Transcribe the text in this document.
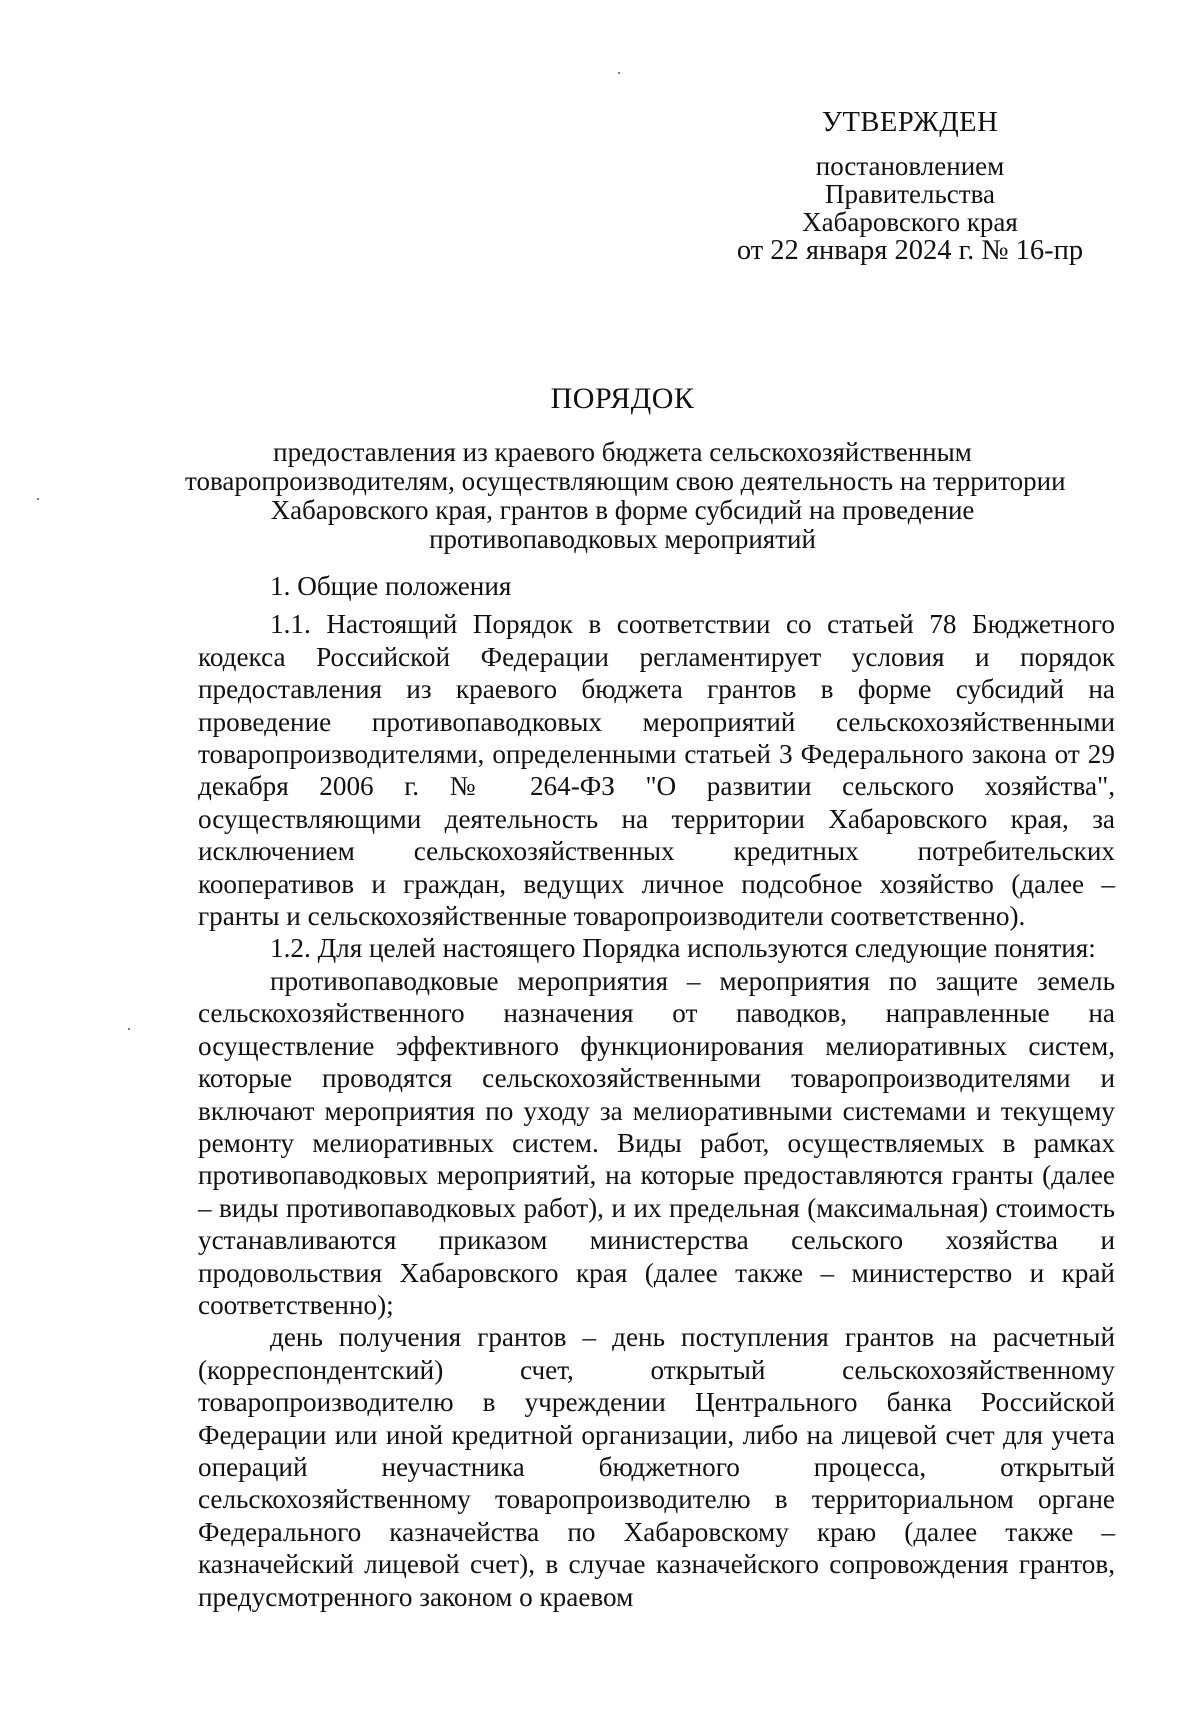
УТВЕРЖДЕН
постановлением
Правительства
Хабаровского края
от 22 января 2024 г. № 16-пр
ПОРЯДОК

предоставления из краевого бюджета сельскохозяйственным

товаропроизводителям, осуществляющим свою деятельность на территории

Хабаровского края, грантов в форме субсидий на проведение

противопаводковых мероприятий

1. Общие положения

1.1. Настоящий Порядок в соответствии со статьей 78 Бюджетного кодекса Российской Федерации регламентирует условия и порядок предоставления из краевого бюджета грантов в форме субсидий на проведение противопаводковых мероприятий сельскохозяйственными товаропроизводителями, определенными статьей 3 Федерального закона от 29 декабря 2006 г. № 264-ФЗ "О развитии сельского хозяйства", осуществляющими деятельность на территории Хабаровского края, за исключением сельскохозяйственных кредитных потребительских кооперативов и граждан, ведущих личное подсобное хозяйство (далее – гранты и сельскохозяйственные товаропроизводители соответственно).

1.2. Для целей настоящего Порядка используются следующие понятия:

противопаводковые мероприятия – мероприятия по защите земель сельскохозяйственного назначения от паводков, направленные на осуществление эффективного функционирования мелиоративных систем, которые проводятся сельскохозяйственными товаропроизводителями и включают мероприятия по уходу за мелиоративными системами и текущему ремонту мелиоративных систем. Виды работ, осуществляемых в рамках противопаводковых мероприятий, на которые предоставляются гранты (далее – виды противопаводковых работ), и их предельная (максимальная) стоимость устанавливаются приказом министерства сельского хозяйства и продовольствия Хабаровского края (далее также – министерство и край соответственно);

день получения грантов – день поступления грантов на расчетный (корреспондентский) счет, открытый сельскохозяйственному товаропроизводителю в учреждении Центрального банка Российской Федерации или иной кредитной организации, либо на лицевой счет для учета операций неучастника бюджетного процесса, открытый сельскохозяйственному товаропроизводителю в территориальном органе Федерального казначейства по Хабаровскому краю (далее также – казначейский лицевой счет), в случае казначейского сопровождения грантов, предусмотренного законом о краевом
